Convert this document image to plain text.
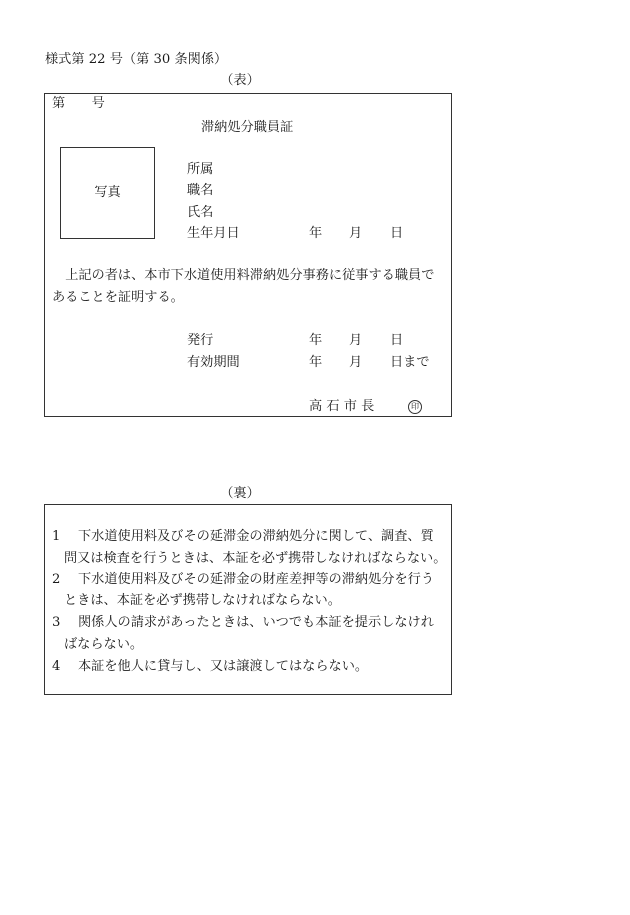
様式第 22 号（第 30 条関係）
（表）
第 号
滞納処分職員証
写真
所属
職名
氏名
生年月日	年 月 日
上記の者は、本市下水道使用料滞納処分事務に従事する職員で
あることを証明する。
発行	年 月 日
有効期間	年 月 日まで
高 石 市 長	印
（裏）
1 下水道使用料及びその延滞金の滞納処分に関して、調査、質
問又は検査を行うときは、本証を必ず携帯しなければならない。
2 下水道使用料及びその延滞金の財産差押等の滞納処分を行う
ときは、本証を必ず携帯しなければならない。
3 関係人の請求があったときは、いつでも本証を提示しなけれ
ばならない。
4 本証を他人に貸与し、又は譲渡してはならない。
